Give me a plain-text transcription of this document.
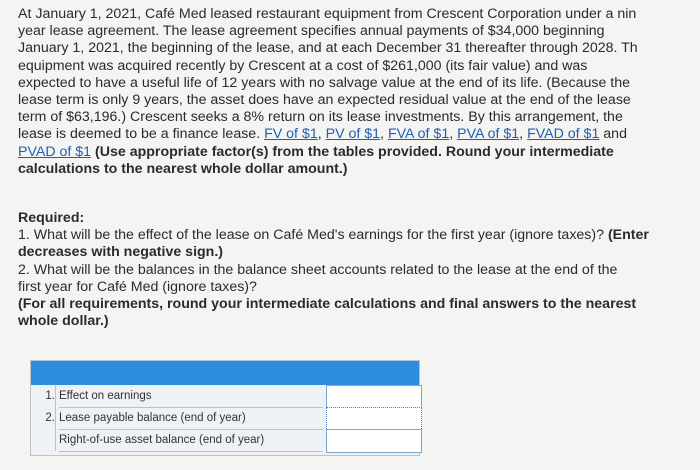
At January 1, 2021, Café Med leased restaurant equipment from Crescent Corporation under a nin
year lease agreement. The lease agreement specifies annual payments of $34,000 beginning
January 1, 2021, the beginning of the lease, and at each December 31 thereafter through 2028. Th
equipment was acquired recently by Crescent at a cost of $261,000 (its fair value) and was
expected to have a useful life of 12 years with no salvage value at the end of its life. (Because the
lease term is only 9 years, the asset does have an expected residual value at the end of the lease
term of $63,196.) Crescent seeks a 8% return on its lease investments. By this arrangement, the
lease is deemed to be a finance lease. FV of $1, PV of $1, FVA of $1, PVA of $1, FVAD of $1 and
PVAD of $1 (Use appropriate factor(s) from the tables provided. Round your intermediate
calculations to the nearest whole dollar amount.)
Required:
1. What will be the effect of the lease on Café Med's earnings for the first year (ignore taxes)? (Enter
decreases with negative sign.)
2. What will be the balances in the balance sheet accounts related to the lease at the end of the
first year for Café Med (ignore taxes)?
(For all requirements, round your intermediate calculations and final answers to the nearest
whole dollar.)
1. Effect on earnings
2. Lease payable balance (end of year)
Right-of-use asset balance (end of year)
